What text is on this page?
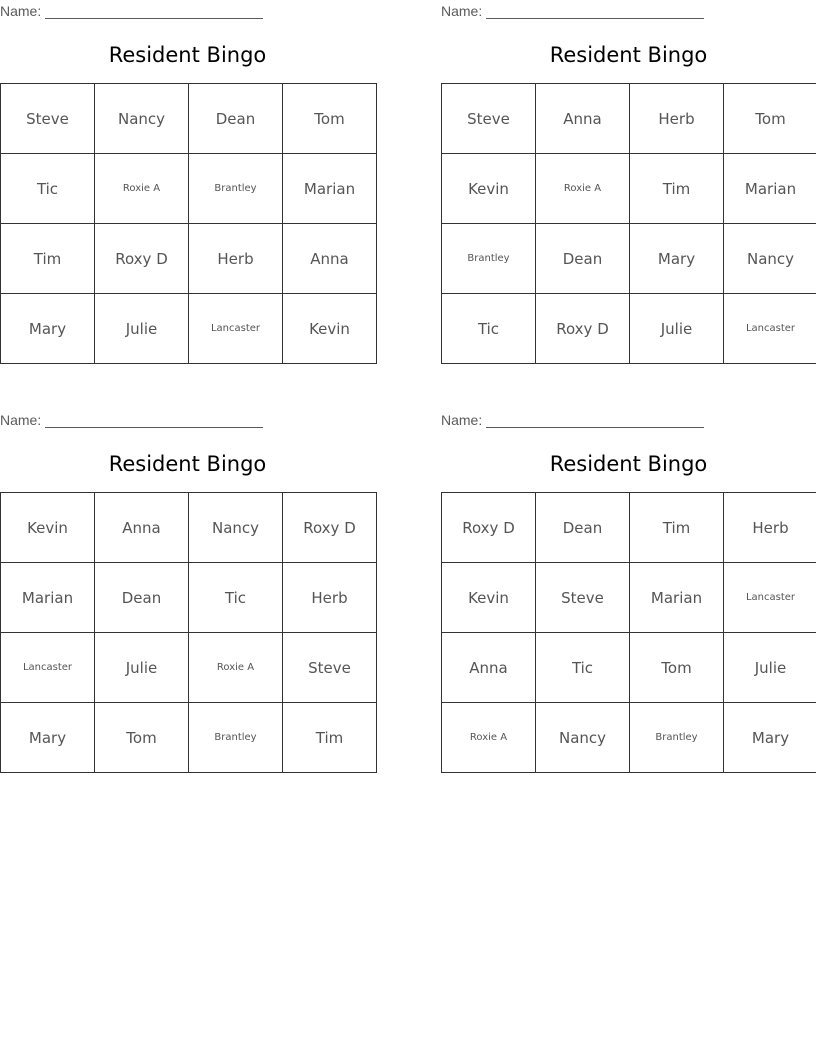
Name:
Resident Bingo
Steve	Nancy	Dean	Tom
Tic	Roxie A	Brantley	Marian
Tim	Roxy D	Herb	Anna
Mary	Julie	Lancaster	Kevin
Name:
Resident Bingo
Steve	Anna	Herb	Tom
Kevin	Roxie A	Tim	Marian
Brantley	Dean	Mary	Nancy
Tic	Roxy D	Julie	Lancaster
Name:
Resident Bingo
Kevin	Anna	Nancy	Roxy D
Marian	Dean	Tic	Herb
Lancaster	Julie	Roxie A	Steve
Mary	Tom	Brantley	Tim
Name:
Resident Bingo
Roxy D	Dean	Tim	Herb
Kevin	Steve	Marian	Lancaster
Anna	Tic	Tom	Julie
Roxie A	Nancy	Brantley	Mary
